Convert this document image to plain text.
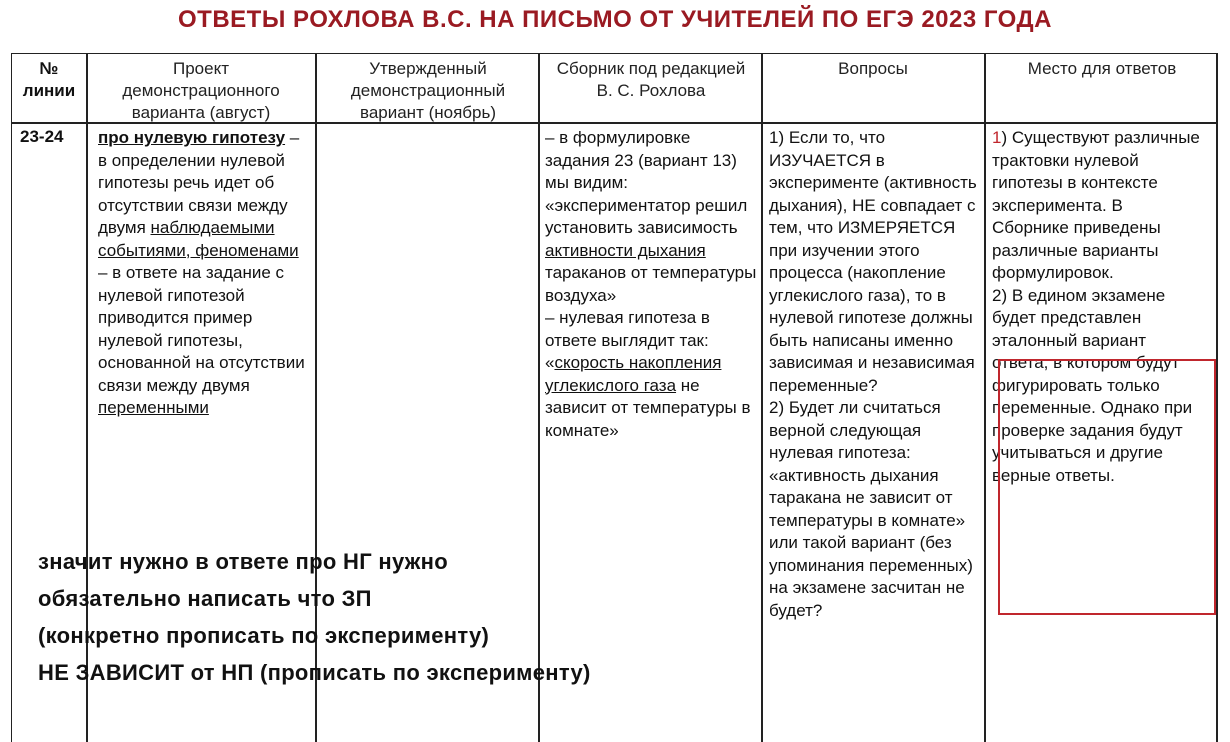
ОТВЕТЫ РОХЛОВА В.С. НА ПИСЬМО ОТ УЧИТЕЛЕЙ ПО ЕГЭ 2023 ГОДА
№
линии
Проект демонстрационного варианта (август)
Утвержденный демонстрационный вариант (ноябрь)
Сборник под редакцией В. С. Рохлова
Вопросы	Место для ответов
23-24 про нулевую гипотезу – в определении нулевой гипотезы речь идет об отсутствии связи между двумя наблюдаемыми событиями, феноменами
– в ответе на задание с нулевой гипотезой приводится пример нулевой гипотезы, основанной на отсутствии связи между двумя переменными
– в формулировке задания 23 (вариант 13) мы видим: «экспериментатор решил установить зависимость активности дыхания тараканов от температуры воздуха»
– нулевая гипотеза в ответе выглядит так: «скорость накопления углекислого газа не зависит от температуры в комнате»
1) Если то, что ИЗУЧАЕТСЯ в эксперименте (активность дыхания), НЕ совпадает с тем, что ИЗМЕРЯЕТСЯ при изучении этого процесса (накопление углекислого газа), то в нулевой гипотезе должны быть написаны именно зависимая и независимая переменные?
2) Будет ли считаться верной следующая нулевая гипотеза: «активность дыхания таракана не зависит от температуры в комнате» или такой вариант (без упоминания переменных) на экзамене засчитан не будет?
1) Существуют различные трактовки нулевой гипотезы в контексте эксперимента. В Сборнике приведены различные варианты формулировок.
2) В едином экзамене будет представлен эталонный вариант ответа, в котором будут фигурировать только переменные. Однако при проверке задания будут учитываться и другие верные ответы.
значит нужно в ответе про НГ нужно
обязательно написать что ЗП
(конкретно прописать по эксперименту)
НЕ ЗАВИСИТ от НП (прописать по эксперименту)
